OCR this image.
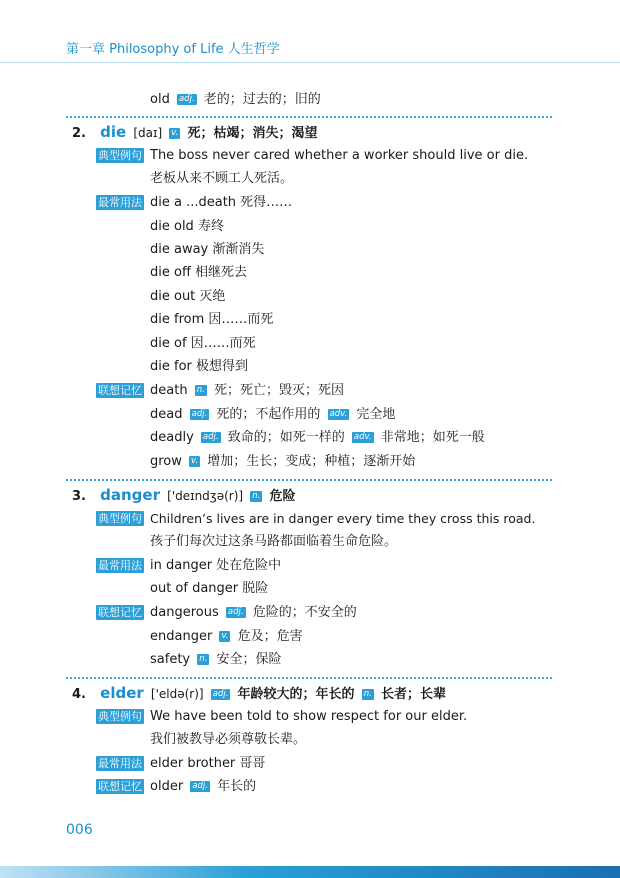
第一章 Philosophy of Life 人生哲学
old adj. 老的；过去的；旧的
2. die [daɪ] v. 死；枯竭；消失；渴望
典型例句 The boss never cared whether a worker should live or die.
老板从来不顾工人死活。
最常用法 die a ...death 死得……
die old 寿终
die away 渐渐消失
die off 相继死去
die out 灭绝
die from 因……而死
die of 因……而死
die for 极想得到
联想记忆 death n. 死；死亡；毁灭；死因
dead adj. 死的；不起作用的 adv. 完全地
deadly adj. 致命的；如死一样的 adv. 非常地；如死一般
grow v. 增加；生长；变成；种植；逐渐开始
3. danger ['deɪndʒə(r)] n. 危险
典型例句 Children’s lives are in danger every time they cross this road.
孩子们每次过这条马路都面临着生命危险。
最常用法 in danger 处在危险中
out of danger 脱险
联想记忆 dangerous adj. 危险的；不安全的
endanger v. 危及；危害
safety n. 安全；保险
4. elder ['eldə(r)] adj. 年龄较大的；年长的 n. 长者；长辈
典型例句 We have been told to show respect for our elder.
我们被教导必须尊敬长辈。
最常用法 elder brother 哥哥
联想记忆 older adj. 年长的
006
